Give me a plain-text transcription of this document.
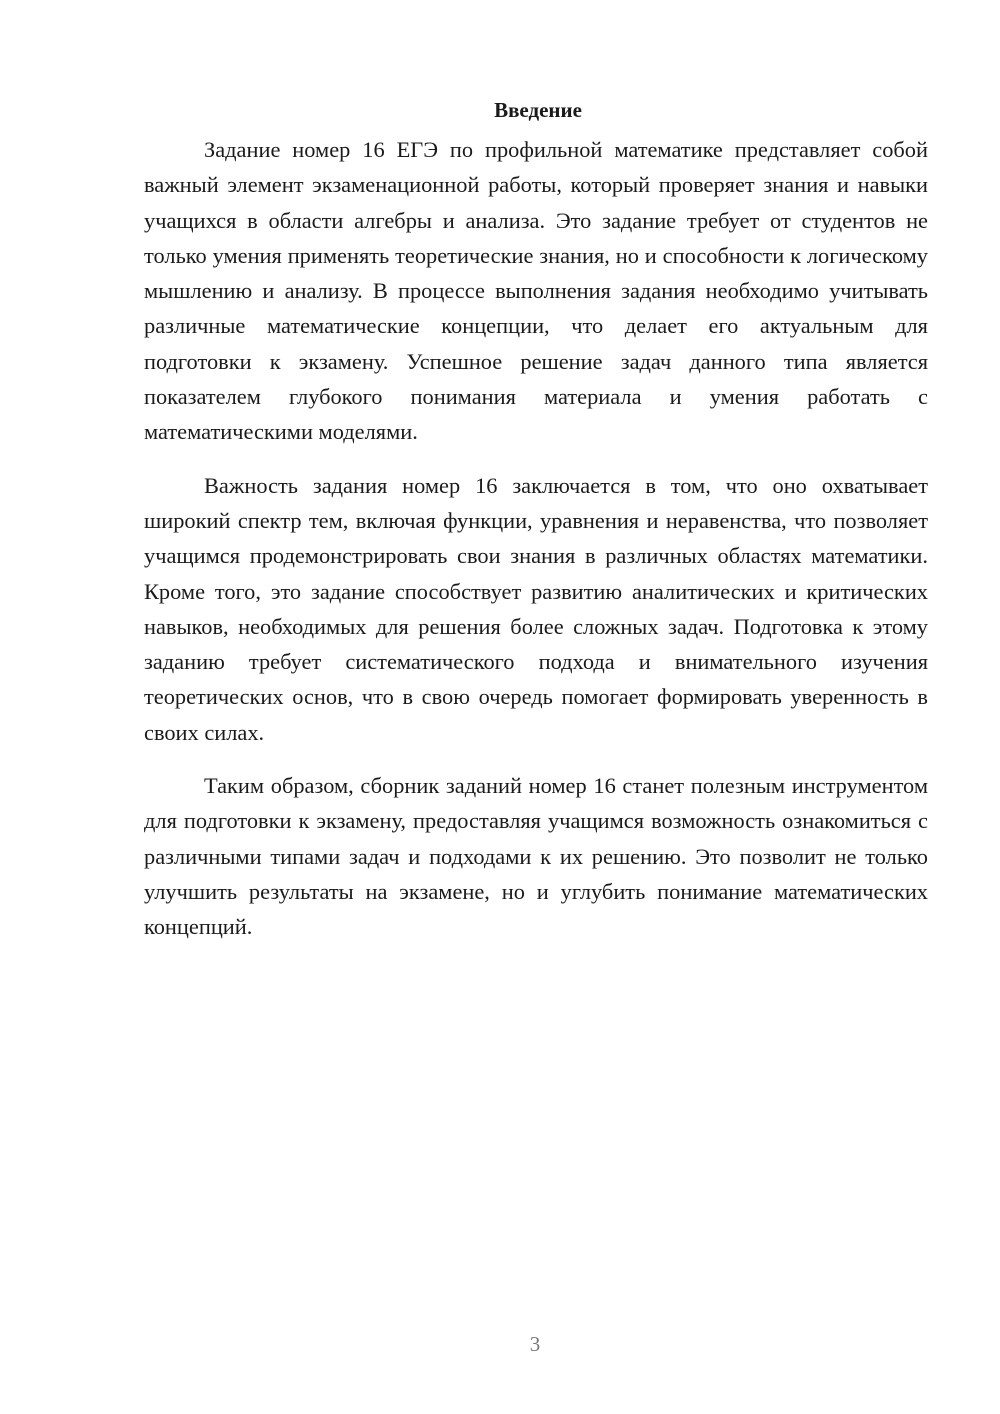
Введение

Задание номер 16 ЕГЭ по профильной математике представляет собой важный элемент экзаменационной работы, который проверяет знания и навыки учащихся в области алгебры и анализа. Это задание требует от студентов не только умения применять теоретические знания, но и способности к логическому мышлению и анализу. В процессе выполнения задания необходимо учитывать различные математические концепции, что делает его актуальным для подготовки к экзамену. Успешное решение задач данного типа является показателем глубокого понимания материала и умения работать с математическими моделями.

Важность задания номер 16 заключается в том, что оно охватывает широкий спектр тем, включая функции, уравнения и неравенства, что позволяет учащимся продемонстрировать свои знания в различных областях математики. Кроме того, это задание способствует развитию аналитических и критических навыков, необходимых для решения более сложных задач. Подготовка к этому заданию требует систематического подхода и внимательного изучения теоретических основ, что в свою очередь помогает формировать уверенность в своих силах.

Таким образом, сборник заданий номер 16 станет полезным инструментом для подготовки к экзамену, предоставляя учащимся возможность ознакомиться с различными типами задач и подходами к их решению. Это позволит не только улучшить результаты на экзамене, но и углубить понимание математических концепций.

3
